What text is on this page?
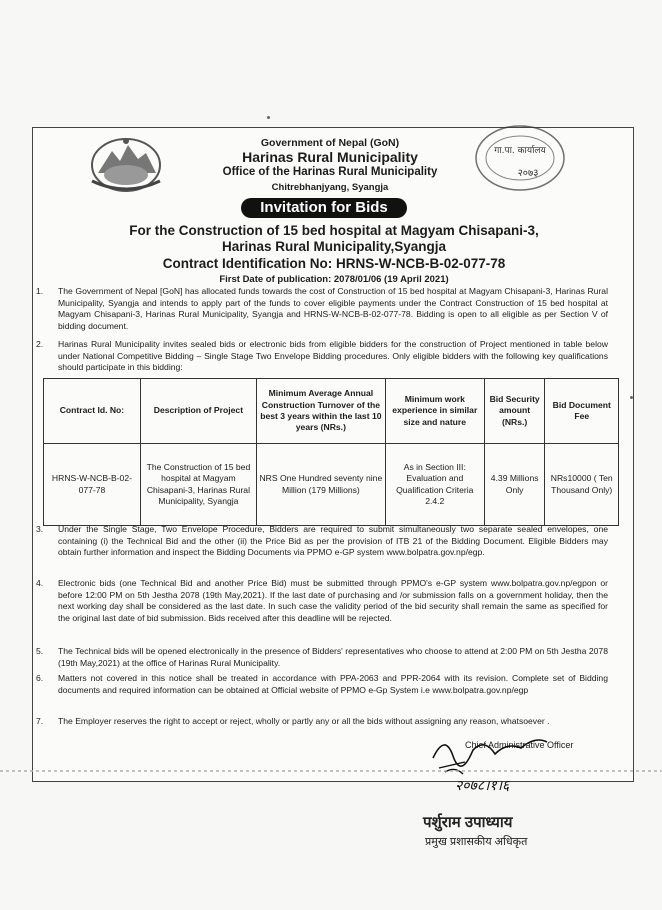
गा.पा. कार्यालय
२०७३
Government of Nepal (GoN)
Harinas Rural Municipality
Office of the Harinas Rural Municipality
Chitrebhanjyang, Syangja
Invitation for Bids
For the Construction of 15 bed hospital at Magyam Chisapani-3,
Harinas Rural Municipality,Syangja
Contract Identification No: HRNS-W-NCB-B-02-077-78
First Date of publication: 2078/01/06 (19 April 2021)
1.	The Government of Nepal [GoN] has allocated funds towards the cost of Construction of 15 bed hospital at Magyam Chisapani-3, Harinas Rural Municipality, Syangja and intends to apply part of the funds to cover eligible payments under the Contract Construction of 15 bed hospital at Magyam Chisapani-3, Harinas Rural Municipality, Syangja and HRNS-W-NCB-B-02-077-78. Bidding is open to all eligible as per Section V of bidding document.
2.	Harinas Rural Municipality invites sealed bids or electronic bids from eligible bidders for the construction of Project mentioned in table below under National Competitive Bidding – Single Stage Two Envelope Bidding procedures. Only eligible bidders with the following key qualifications should participate in this bidding:
Contract Id. No:	Description of Project	Minimum Average Annual Construction Turnover of the best 3 years within the last 10 years (NRs.)	Minimum work experience in similar size and nature	Bid Security amount (NRs.)	Bid Document Fee
HRNS-W-NCB-B-02-077-78	The Construction of 15 bed hospital at Magyam Chisapani-3, Harinas Rural Municipality, Syangja	NRS One Hundred seventy nine Million (179 Millions)	As in Section III: Evaluation and Qualification Criteria 2.4.2	4.39 Millions Only	NRs10000 ( Ten Thousand Only)
3.	Under the Single Stage, Two Envelope Procedure, Bidders are required to submit simultaneously two separate sealed envelopes, one containing (i) the Technical Bid and the other (ii) the Price Bid as per the provision of ITB 21 of the Bidding Document. Eligible Bidders may obtain further information and inspect the Bidding Documents via PPMO e-GP system www.bolpatra.gov.np/egp.
4.	Electronic bids (one Technical Bid and another Price Bid) must be submitted through PPMO's e-GP system www.bolpatra.gov.np/egpon or before 12:00 PM on 5th Jestha 2078 (19th May,2021). If the last date of purchasing and /or submission falls on a government holiday, then the next working day shall be considered as the last date. In such case the validity period of the bid security shall remain the same as specified for the original last date of bid submission. Bids received after this deadline will be rejected.
5.	The Technical bids will be opened electronically in the presence of Bidders' representatives who choose to attend at 2:00 PM on 5th Jestha 2078 (19th May,2021) at the office of Harinas Rural Municipality.
6.	Matters not covered in this notice shall be treated in accordance with PPA-2063 and PPR-2064 with its revision. Complete set of Bidding documents and required information can be obtained at Official website of PPMO e-Gp System i.e www.bolpatra.gov.np/egp
7.	The Employer reserves the right to accept or reject, wholly or partly any or all the bids without assigning any reason, whatsoever .
Chief Administrative Officer
२०७८।१।६
पर्शुराम उपाध्याय
प्रमुख प्रशासकीय अधिकृत
